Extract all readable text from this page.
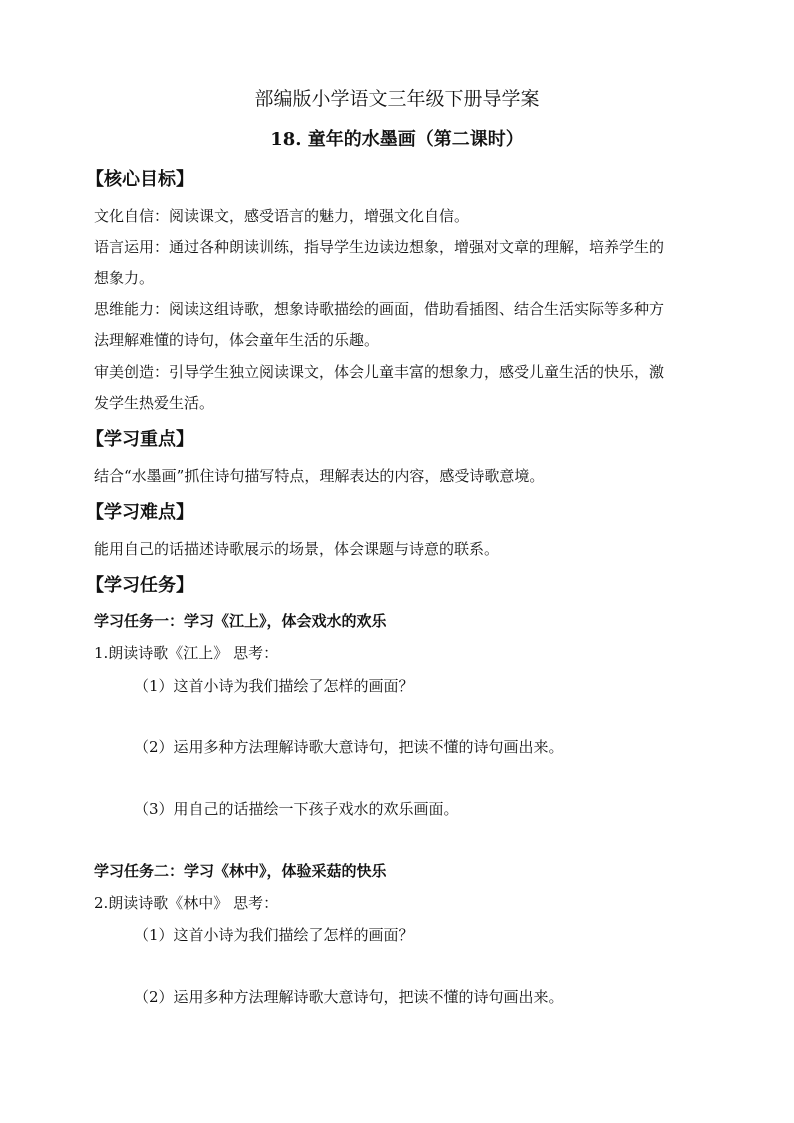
部编版小学语文三年级下册导学案
18. 童年的水墨画（第二课时）
【核心目标】
文化自信：阅读课文，感受语言的魅力，增强文化自信。
语言运用：通过各种朗读训练，指导学生边读边想象，增强对文章的理解，培养学生的
想象力。
思维能力：阅读这组诗歌，想象诗歌描绘的画面，借助看插图、结合生活实际等多种方
法理解难懂的诗句，体会童年生活的乐趣。
审美创造：引导学生独立阅读课文，体会儿童丰富的想象力，感受儿童生活的快乐，激
发学生热爱生活。
【学习重点】
结合“水墨画”抓住诗句描写特点，理解表达的内容，感受诗歌意境。
【学习难点】
能用自己的话描述诗歌展示的场景，体会课题与诗意的联系。
【学习任务】
学习任务一：学习《江上》，体会戏水的欢乐
1.朗读诗歌《江上》 思考：
（1）这首小诗为我们描绘了怎样的画面？
（2）运用多种方法理解诗歌大意诗句，把读不懂的诗句画出来。
（3）用自己的话描绘一下孩子戏水的欢乐画面。
学习任务二：学习《林中》，体验采菇的快乐
2.朗读诗歌《林中》 思考：
（1）这首小诗为我们描绘了怎样的画面？
（2）运用多种方法理解诗歌大意诗句，把读不懂的诗句画出来。
